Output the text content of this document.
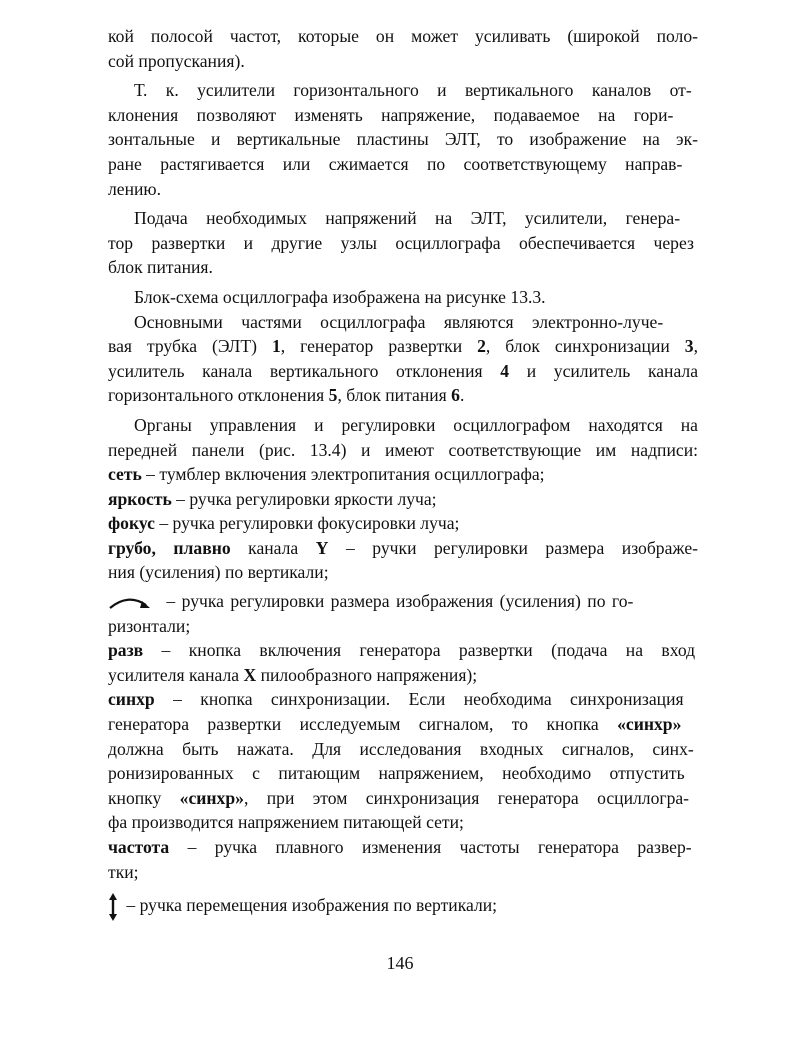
кой полосой частот, которые он может усиливать (широкой поло-
сой пропускания).
Т. к. усилители горизонтального и вертикального каналов от-
клонения позволяют изменять напряжение, подаваемое на гори-
зонтальные и вертикальные пластины ЭЛТ, то изображение на эк-
ране растягивается или сжимается по соответствующему направ-
лению.
Подача необходимых напряжений на ЭЛТ, усилители, генера-
тор развертки и другие узлы осциллографа обеспечивается через
блок питания.
Блок-схема осциллографа изображена на рисунке 13.3.
Основными частями осциллографа являются электронно-луче-
вая трубка (ЭЛТ) 1, генератор развертки 2, блок синхронизации 3,
усилитель канала вертикального отклонения 4 и усилитель канала
горизонтального отклонения 5, блок питания 6.
Органы управления и регулировки осциллографом находятся на
передней панели (рис. 13.4) и имеют соответствующие им надписи:
сеть – тумблер включения электропитания осциллографа;
яркость – ручка регулировки яркости луча;
фокус – ручка регулировки фокусировки луча;
грубо, плавно канала Y – ручки регулировки размера изображе-
ния (усиления) по вертикали;
– ручка регулировки размера изображения (усиления) по го-
ризонтали;
разв – кнопка включения генератора развертки (подача на вход
усилителя канала X пилообразного напряжения);
синхр – кнопка синхронизации. Если необходима синхронизация
генератора развертки исследуемым сигналом, то кнопка «синхр»
должна быть нажата. Для исследования входных сигналов, синх-
ронизированных с питающим напряжением, необходимо отпустить
кнопку «синхр», при этом синхронизация генератора осциллогра-
фа производится напряжением питающей сети;
частота – ручка плавного изменения частоты генератора развер-
тки;
– ручка перемещения изображения по вертикали;
146
